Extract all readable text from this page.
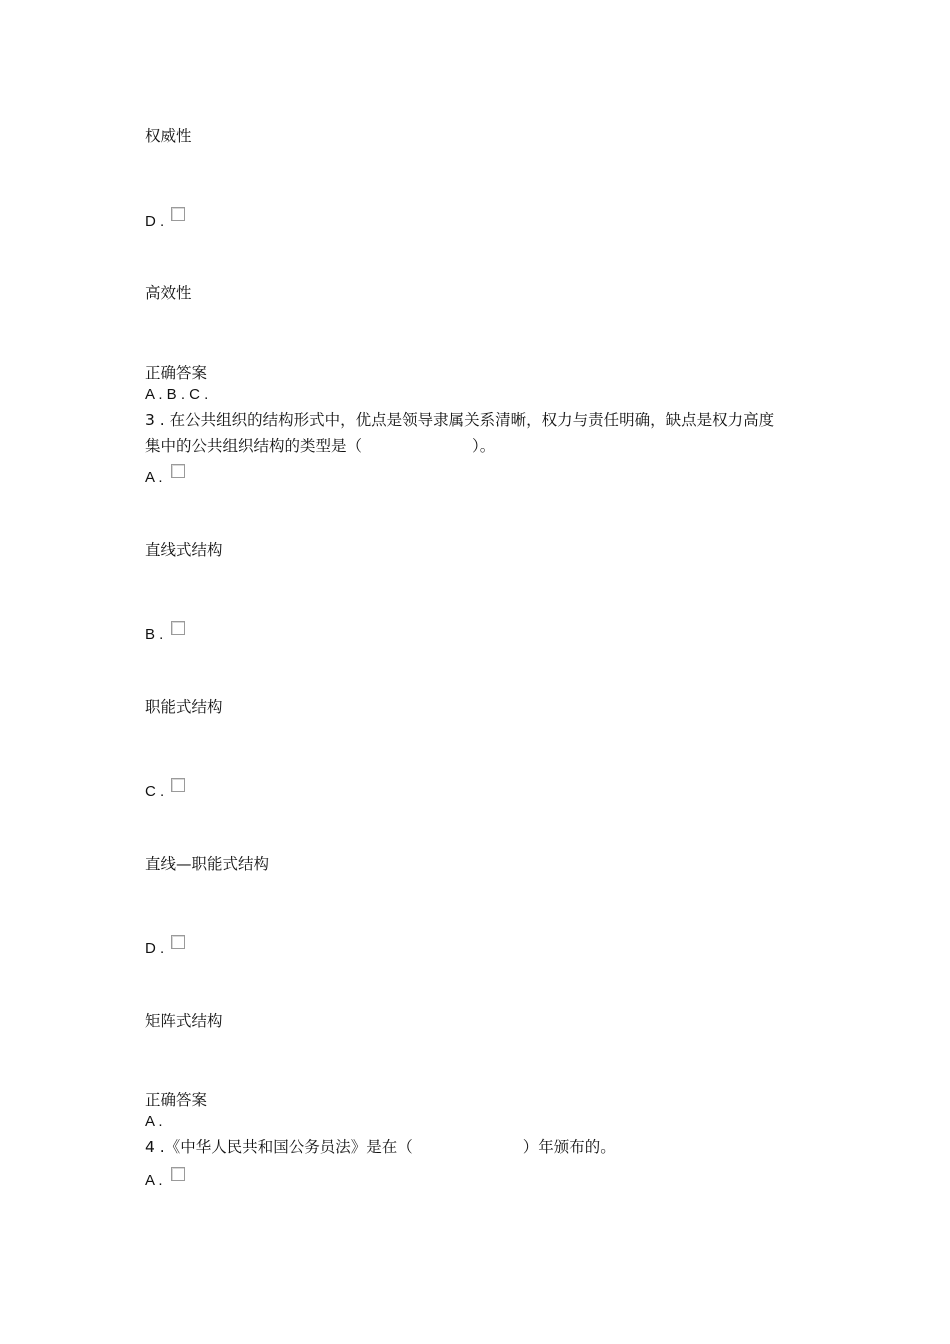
权威性
D .
高效性
正确答案
A . B . C .
3 . 在公共组织的结构形式中，优点是领导隶属关系清晰，权力与责任明确，缺点是权力高度
集中的公共组织结构的类型是（	）。
A .
直线式结构
B .
职能式结构
C .
直线—职能式结构
D .
矩阵式结构
正确答案
A .
4 .《中华人民共和国公务员法》是在（	）年颁布的。
A .
